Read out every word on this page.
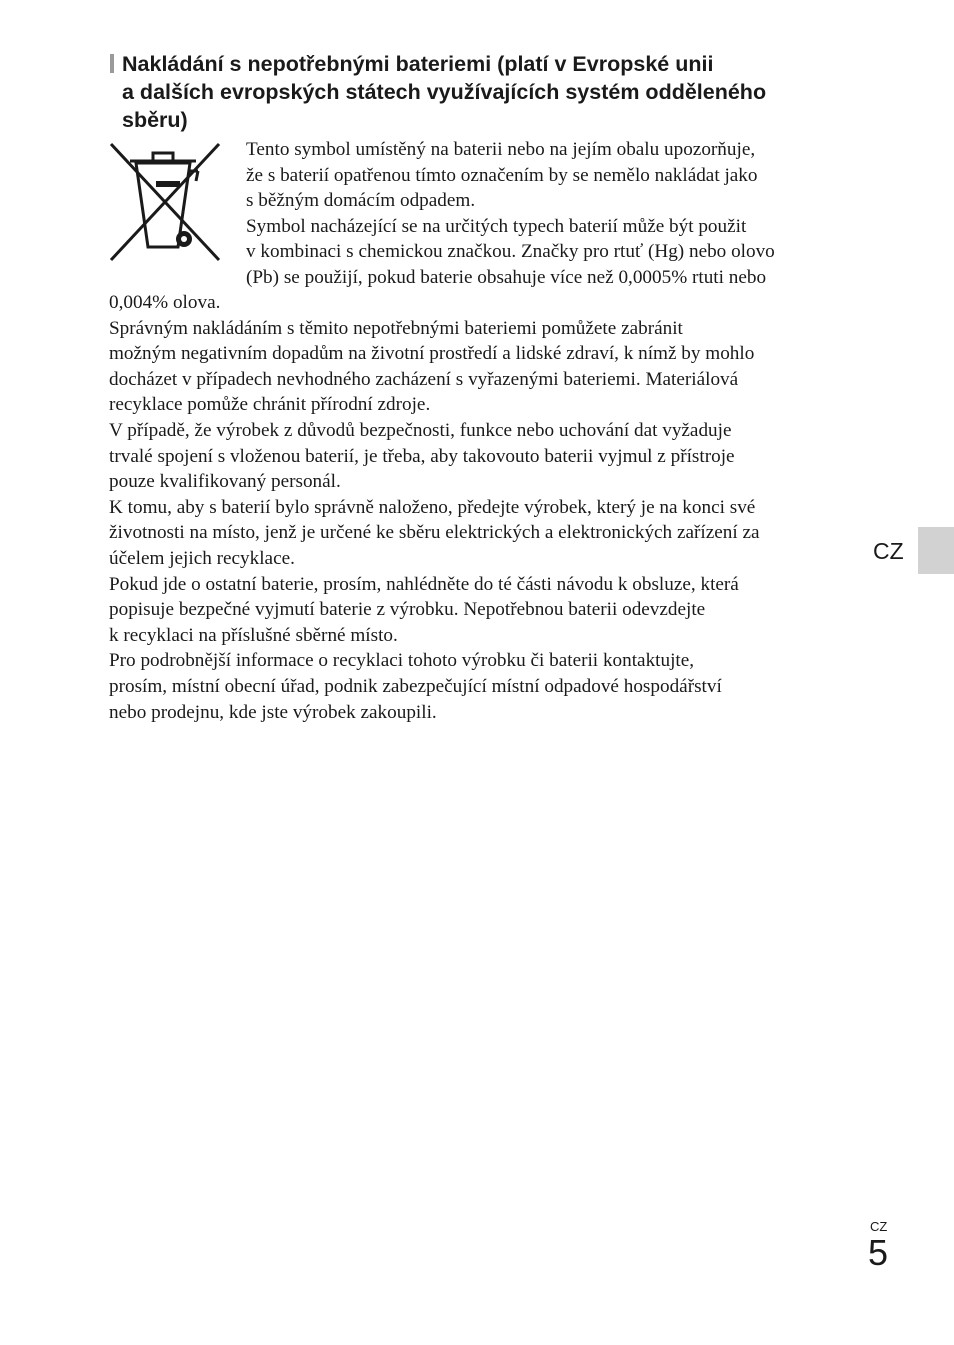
Nakládání s nepotřebnými bateriemi (platí v Evropské unii
a dalších evropských státech využívajících systém odděleného
sběru)
Tento symbol umístěný na baterii nebo na jejím obalu upozorňuje,
že s baterií opatřenou tímto označením by se nemělo nakládat jako
s běžným domácím odpadem.
Symbol nacházející se na určitých typech baterií může být použit
v kombinaci s chemickou značkou. Značky pro rtuť (Hg) nebo olovo
(Pb) se použijí, pokud baterie obsahuje více než 0,0005% rtuti nebo
0,004% olova.
Správným nakládáním s těmito nepotřebnými bateriemi pomůžete zabránit
možným negativním dopadům na životní prostředí a lidské zdraví, k nímž by mohlo
docházet v případech nevhodného zacházení s vyřazenými bateriemi. Materiálová
recyklace pomůže chránit přírodní zdroje.
V případě, že výrobek z důvodů bezpečnosti, funkce nebo uchování dat vyžaduje
trvalé spojení s vloženou baterií, je třeba, aby takovouto baterii vyjmul z přístroje
pouze kvalifikovaný personál.
K tomu, aby s baterií bylo správně naloženo, předejte výrobek, který je na konci své
životnosti na místo, jenž je určené ke sběru elektrických a elektronických zařízení za
účelem jejich recyklace.
Pokud jde o ostatní baterie, prosím, nahlédněte do té části návodu k obsluze, která
popisuje bezpečné vyjmutí baterie z výrobku. Nepotřebnou baterii odevzdejte
k recyklaci na příslušné sběrné místo.
Pro podrobnější informace o recyklaci tohoto výrobku či baterii kontaktujte,
prosím, místní obecní úřad, podnik zabezpečující místní odpadové hospodářství
nebo prodejnu, kde jste výrobek zakoupili.
CZ
CZ
5
